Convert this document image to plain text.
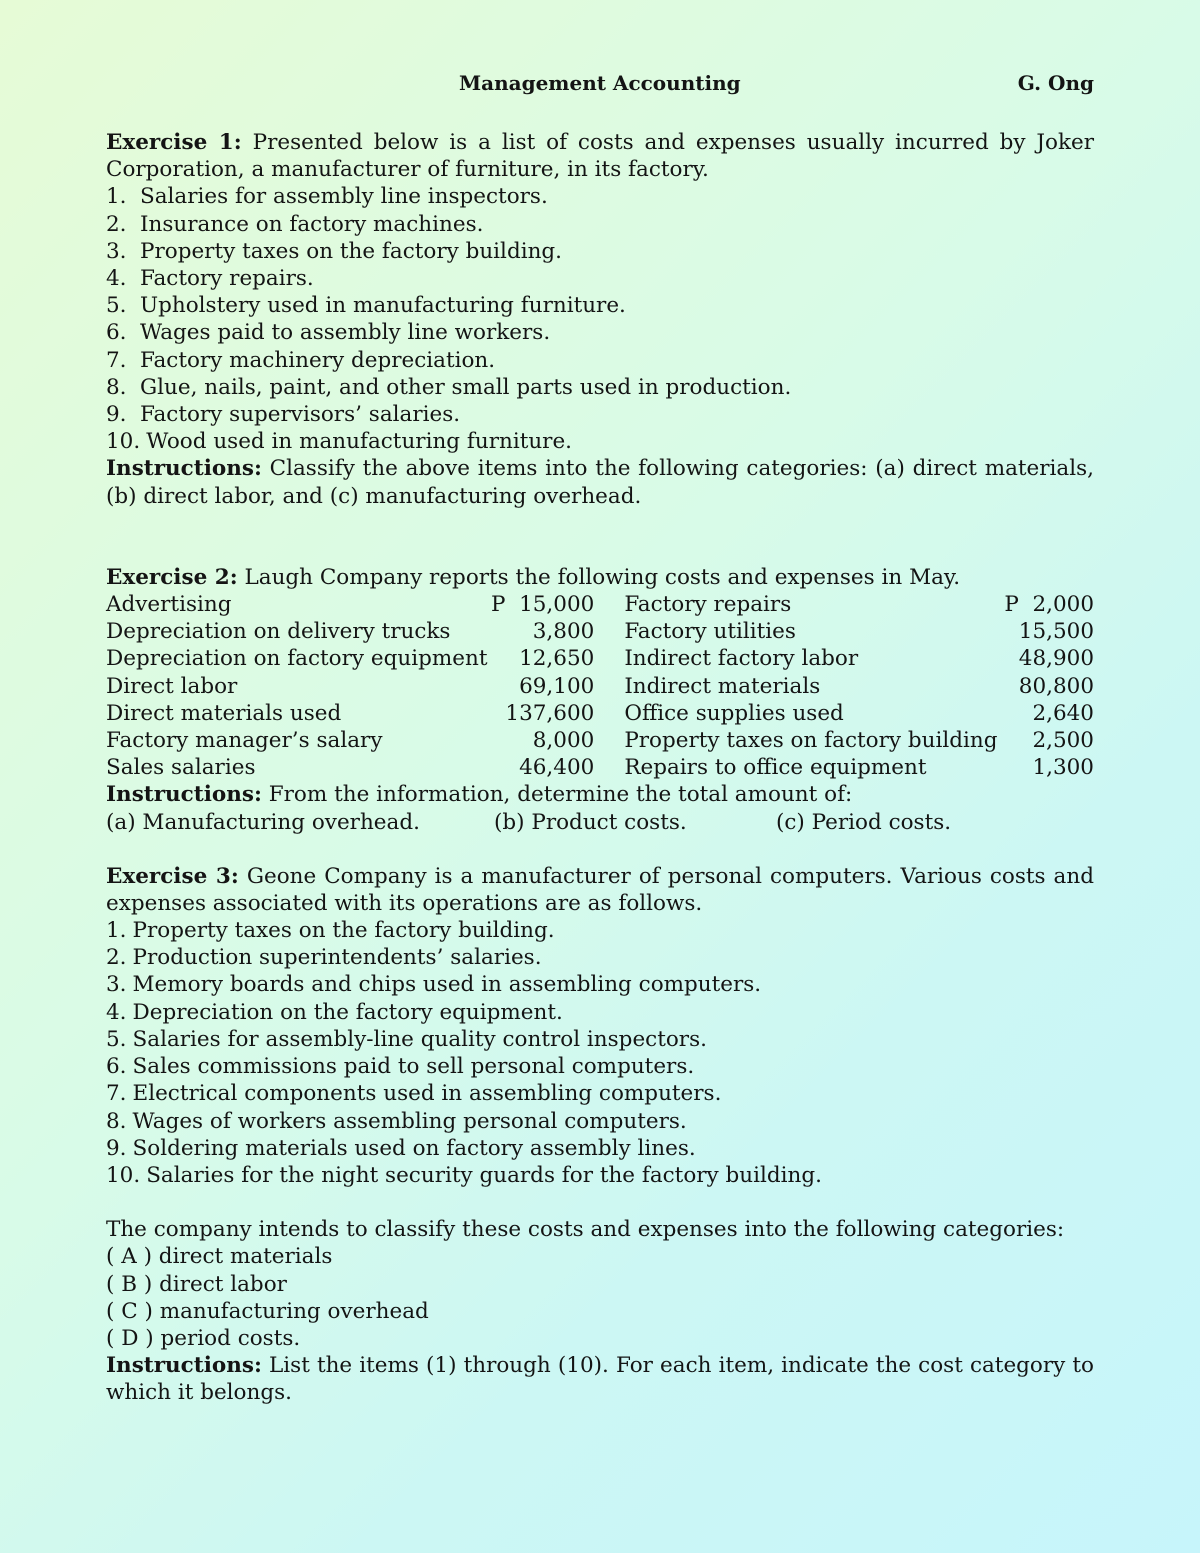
Management Accounting	G. Ong
Exercise 1: Presented below is a list of costs and expenses usually incurred by Joker Corporation, a manufacturer of furniture, in its factory.
1. Salaries for assembly line inspectors.
2. Insurance on factory machines.
3. Property taxes on the factory building.
4. Factory repairs.
5. Upholstery used in manufacturing furniture.
6. Wages paid to assembly line workers.
7. Factory machinery depreciation.
8. Glue, nails, paint, and other small parts used in production.
9. Factory supervisors’ salaries.
10. Wood used in manufacturing furniture.
Instructions: Classify the above items into the following categories: (a) direct materials, (b) direct labor, and (c) manufacturing overhead.
Exercise 2: Laugh Company reports the following costs and expenses in May.
Advertising	P  15,000	Factory repairs	P  2,000
Depreciation on delivery trucks	3,800	Factory utilities	15,500
Depreciation on factory equipment	12,650	Indirect factory labor	48,900
Direct labor	69,100	Indirect materials	80,800
Direct materials used	137,600	Office supplies used	2,640
Factory manager’s salary	8,000	Property taxes on factory building	2,500
Sales salaries	46,400	Repairs to office equipment	1,300
Instructions: From the information, determine the total amount of:
(a) Manufacturing overhead.	(b) Product costs.	(c) Period costs.
Exercise 3: Geone Company is a manufacturer of personal computers. Various costs and expenses associated with its operations are as follows.
1. Property taxes on the factory building.
2. Production superintendents’ salaries.
3. Memory boards and chips used in assembling computers.
4. Depreciation on the factory equipment.
5. Salaries for assembly-line quality control inspectors.
6. Sales commissions paid to sell personal computers.
7. Electrical components used in assembling computers.
8. Wages of workers assembling personal computers.
9. Soldering materials used on factory assembly lines.
10. Salaries for the night security guards for the factory building.
The company intends to classify these costs and expenses into the following categories:
( A ) direct materials
( B ) direct labor
( C ) manufacturing overhead
( D ) period costs.
Instructions: List the items (1) through (10). For each item, indicate the cost category to which it belongs.
